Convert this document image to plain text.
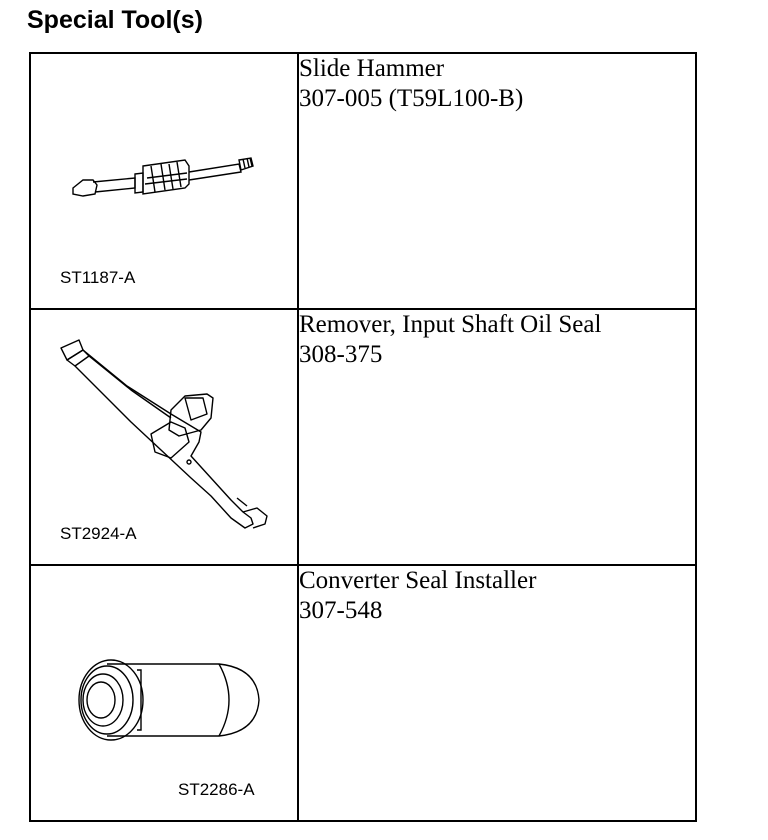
Special Tool(s)
ST1187-A	Slide Hammer
307-005 (T59L100-B)

ST2924-A	Remover, Input Shaft Oil Seal
308-375

ST2286-A	Converter Seal Installer
307-548
